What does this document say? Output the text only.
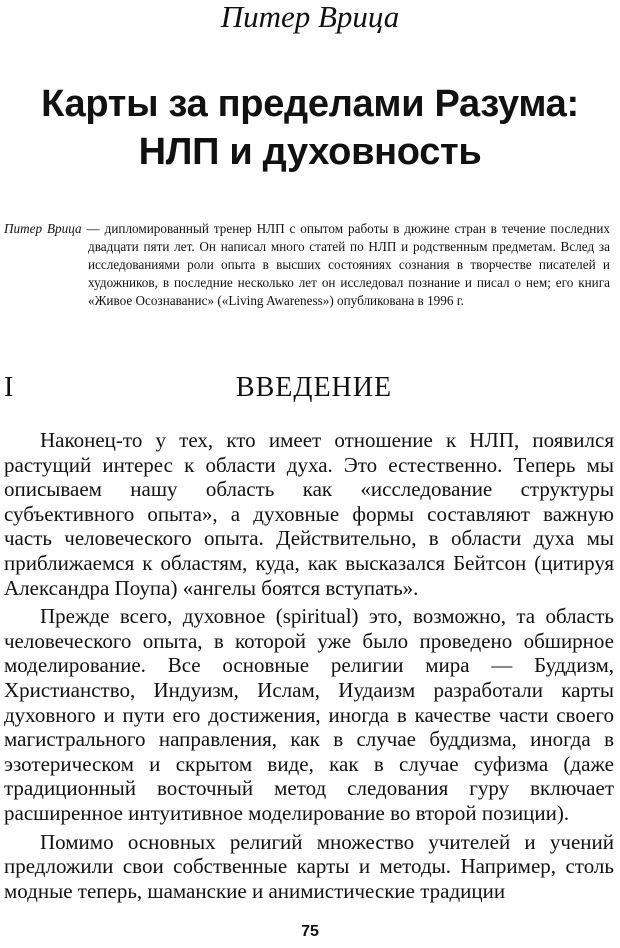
Питер Врица
Карты за пределами Разума:
НЛП и духовность
Питер Врица — дипломированный тренер НЛП с опытом работы в дюжине стран в течение последних двадцати пяти лет. Он написал много статей по НЛП и родственным предметам. Вслед за исследованиями роли опыта в высших состояниях сознания в творчестве писателей и художников, в последние несколько лет он исследовал познание и писал о нем; его книга «Живое Осознаванис» («Living Awareness») опубликована в 1996 г.
I	ВВЕДЕНИЕ

Наконец-то у тех, кто имеет отношение к НЛП, появился растущий интерес к области духа. Это естественно. Теперь мы описываем нашу область как «исследование структуры субъективного опыта», а духовные формы составляют важную часть человеческого опыта. Действительно, в области духа мы приближаемся к областям, куда, как высказался Бейтсон (цитируя Александра Поупа) «ангелы боятся вступать».

Прежде всего, духовное (spiritual) это, возможно, та область человеческого опыта, в которой уже было проведено обширное моделирование. Все основные религии мира — Буддизм, Христианство, Индуизм, Ислам, Иудаизм разработали карты духовного и пути его достижения, иногда в качестве части своего магистрального направления, как в случае буддизма, иногда в эзотерическом и скрытом виде, как в случае суфизма (даже традиционный восточный метод следования гуру включает расширенное интуитивное моделирование во второй позиции).

Помимо основных религий множество учителей и учений предложили свои собственные карты и методы. Например, столь модные теперь, шаманские и анимистические традиции

75
